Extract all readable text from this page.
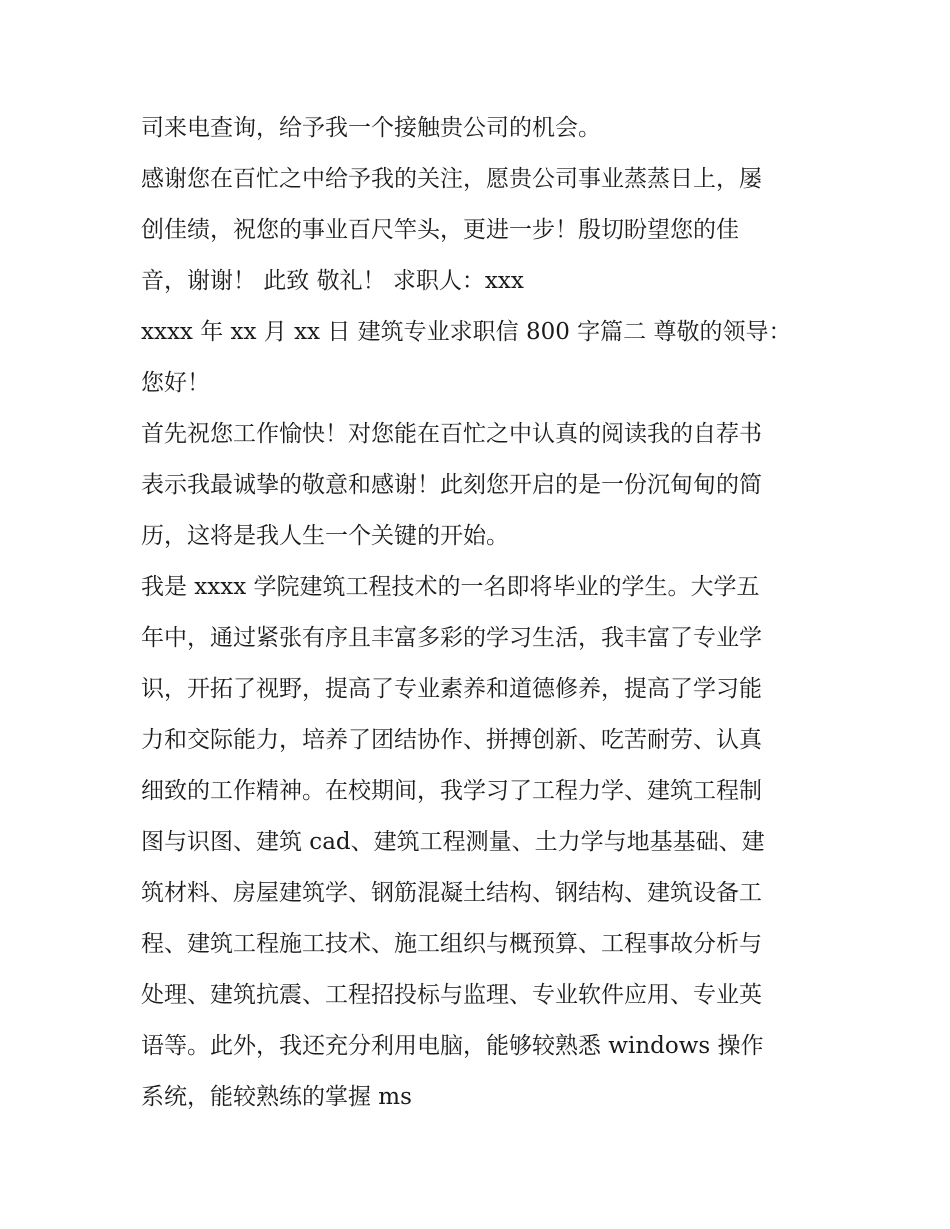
司来电查询，给予我一个接触贵公司的机会。
感谢您在百忙之中给予我的关注，愿贵公司事业蒸蒸日上，屡
创佳绩，祝您的事业百尺竿头，更进一步！殷切盼望您的佳
音，谢谢！ 此致 敬礼！ 求职人：xxx
xxxx 年 xx 月 xx 日 建筑专业求职信 800 字篇二 尊敬的领导：
您好！
首先祝您工作愉快！对您能在百忙之中认真的阅读我的自荐书
表示我最诚挚的敬意和感谢！此刻您开启的是一份沉甸甸的简
历，这将是我人生一个关键的开始。
我是 xxxx 学院建筑工程技术的一名即将毕业的学生。大学五
年中，通过紧张有序且丰富多彩的学习生活，我丰富了专业学
识，开拓了视野，提高了专业素养和道德修养，提高了学习能
力和交际能力，培养了团结协作、拼搏创新、吃苦耐劳、认真
细致的工作精神。在校期间，我学习了工程力学、建筑工程制
图与识图、建筑 cad、建筑工程测量、土力学与地基基础、建
筑材料、房屋建筑学、钢筋混凝土结构、钢结构、建筑设备工
程、建筑工程施工技术、施工组织与概预算、工程事故分析与
处理、建筑抗震、工程招投标与监理、专业软件应用、专业英
语等。此外，我还充分利用电脑，能够较熟悉 windows 操作
系统，能较熟练的掌握 ms
